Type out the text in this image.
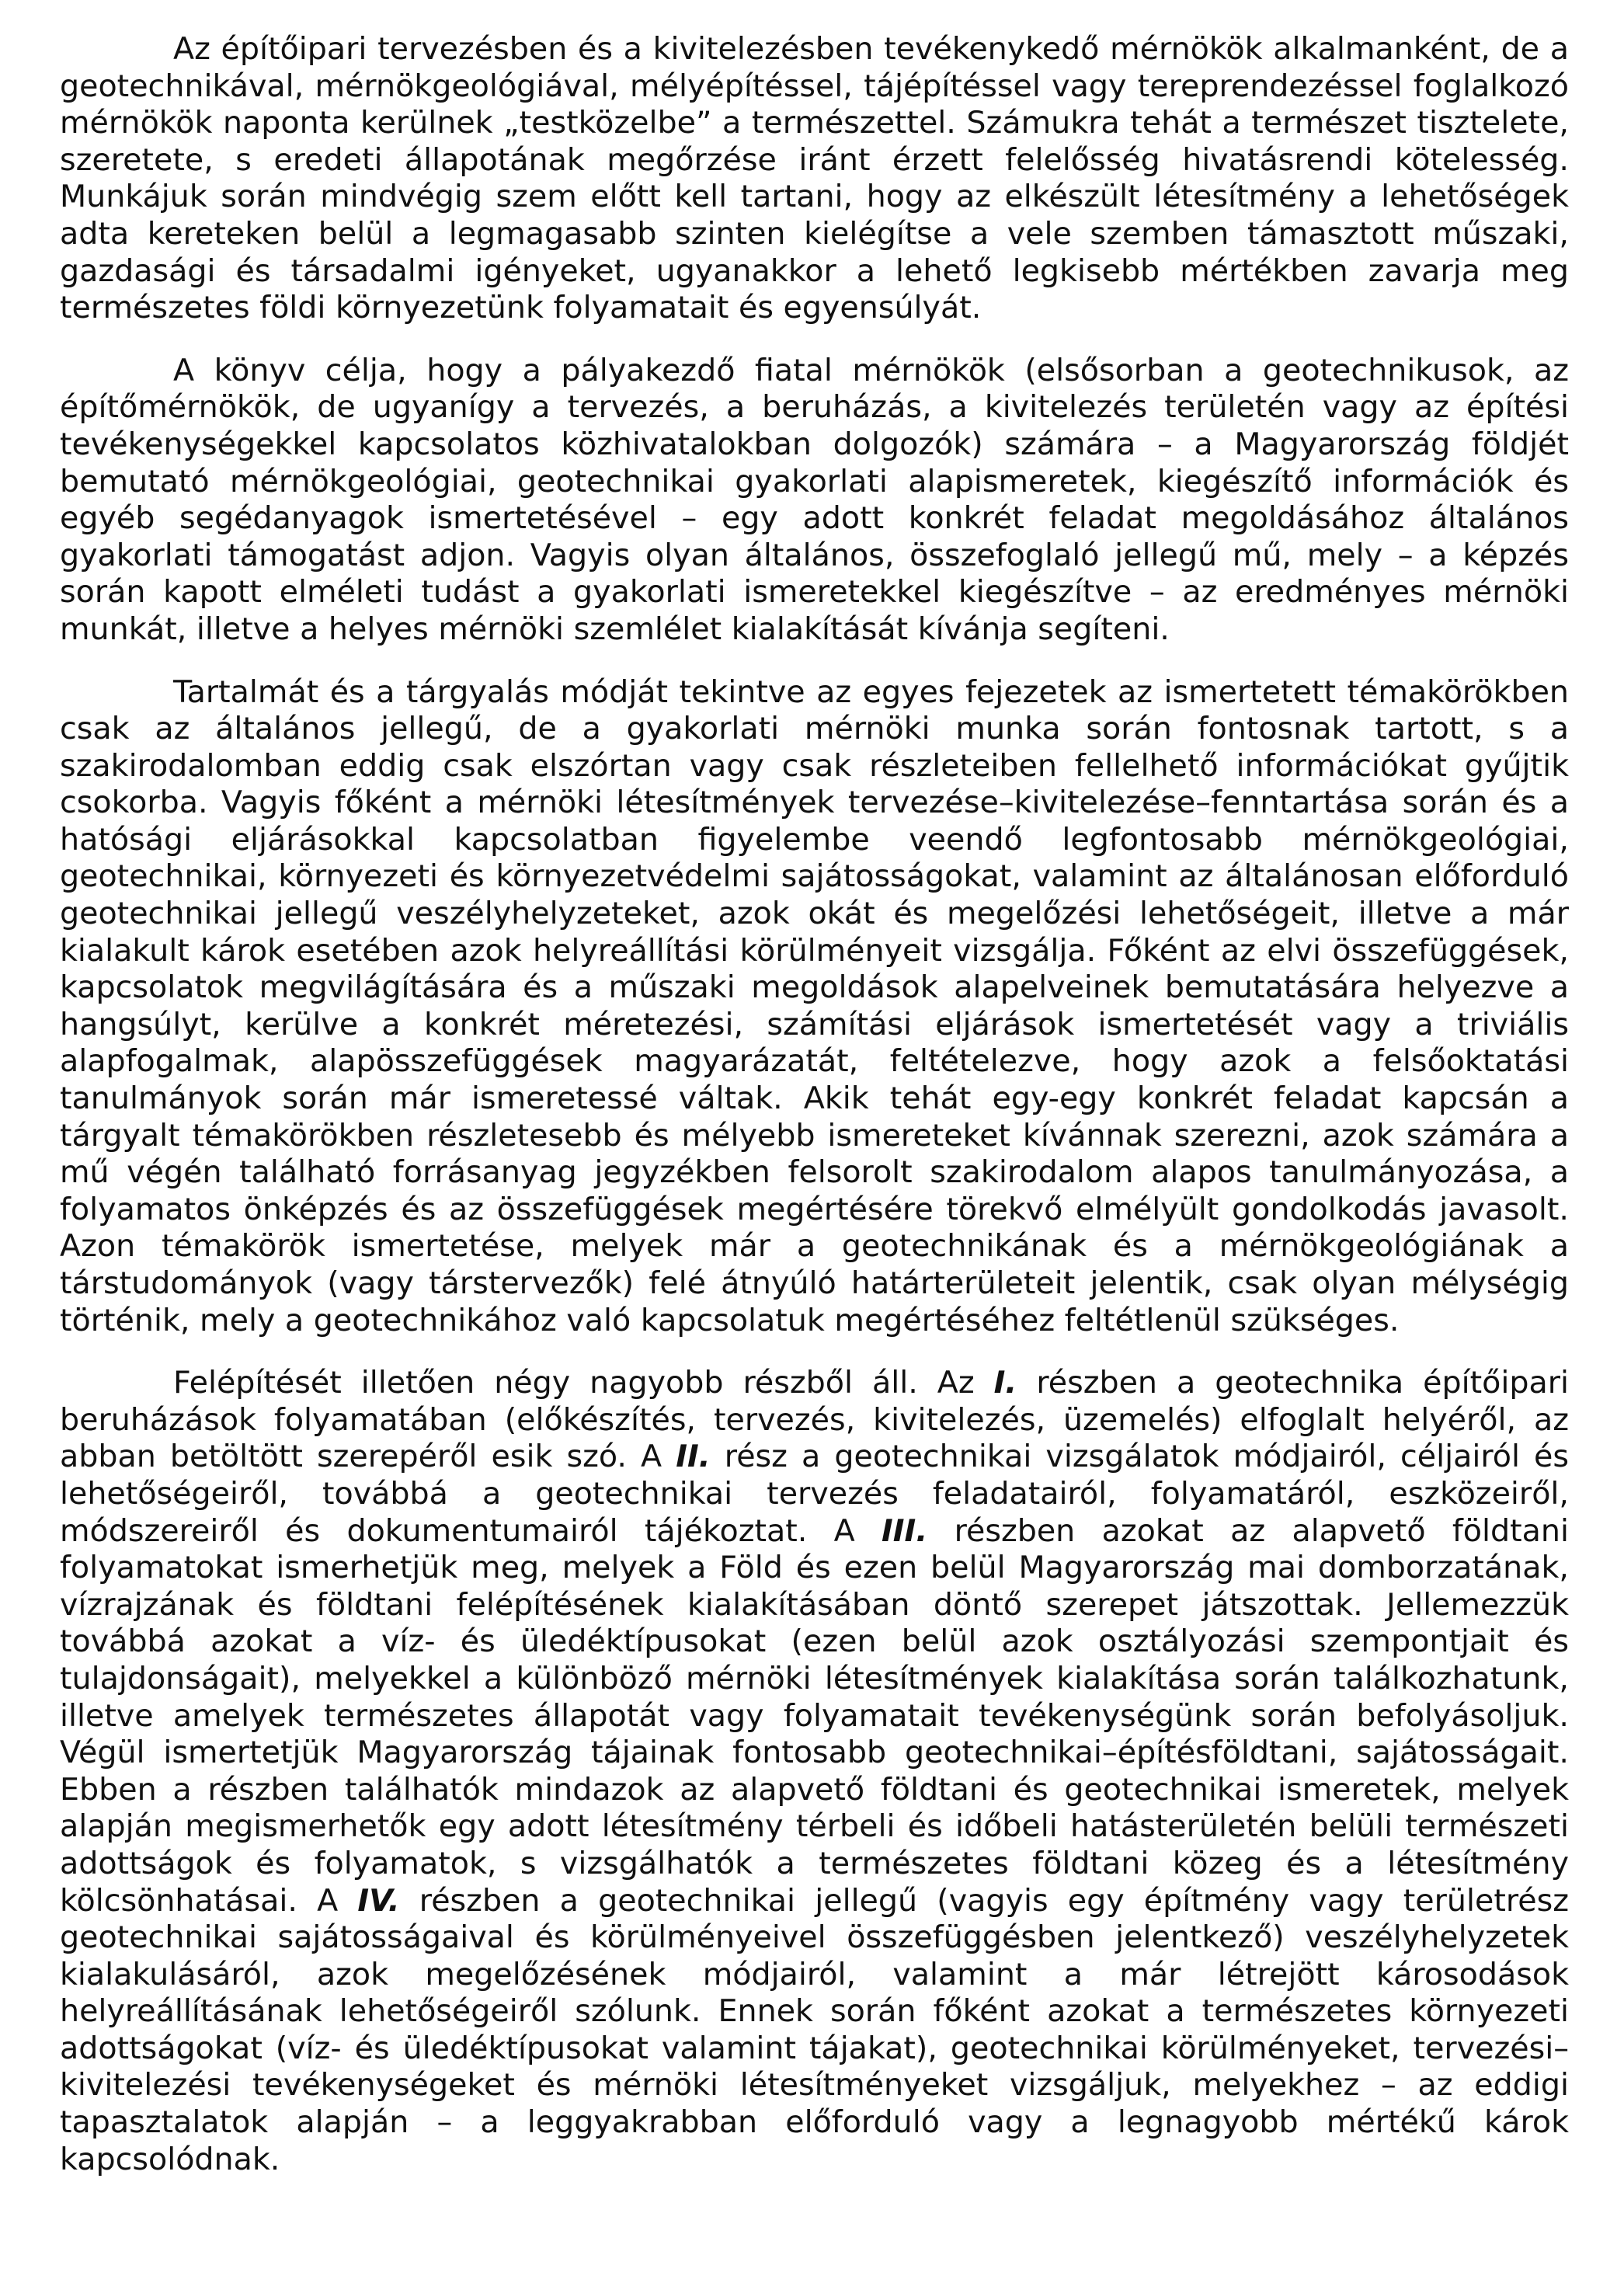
Az építőipari tervezésben és a kivitelezésben tevékenykedő mérnökök alkalmanként, de a geotechnikával, mérnökgeológiával, mélyépítéssel, tájépítéssel vagy tereprendezéssel foglalkozó mérnökök naponta kerülnek „testközelbe” a természettel. Számukra tehát a természet tisztelete, szeretete, s eredeti állapotának megőrzése iránt érzett felelősség hivatásrendi kötelesség. Munkájuk során mindvégig szem előtt kell tartani, hogy az elkészült létesítmény a lehetőségek adta kereteken belül a legmagasabb szinten kielégítse a vele szemben támasztott műszaki, gazdasági és társadalmi igényeket, ugyanakkor a lehető legkisebb mértékben zavarja meg természetes földi környezetünk folyamatait és egyensúlyát.

A könyv célja, hogy a pályakezdő fiatal mérnökök (elsősorban a geotechnikusok, az építőmérnökök, de ugyanígy a tervezés, a beruházás, a kivitelezés területén vagy az építési tevékenységekkel kapcsolatos közhivatalokban dolgozók) számára – a Magyarország földjét bemutató mérnökgeológiai, geotechnikai gyakorlati alapismeretek, kiegészítő információk és egyéb segédanyagok ismertetésével – egy adott konkrét feladat megoldásához általános gyakorlati támogatást adjon. Vagyis olyan általános, összefoglaló jellegű mű, mely – a képzés során kapott elméleti tudást a gyakorlati ismeretekkel kiegészítve – az eredményes mérnöki munkát, illetve a helyes mérnöki szemlélet kialakítását kívánja segíteni.

Tartalmát és a tárgyalás módját tekintve az egyes fejezetek az ismertetett témakörökben csak az általános jellegű, de a gyakorlati mérnöki munka során fontosnak tartott, s a szakirodalomban eddig csak elszórtan vagy csak részleteiben fellelhető információkat gyűjtik csokorba. Vagyis főként a mérnöki létesítmények tervezése–kivitelezése–fenntartása során és a hatósági eljárásokkal kapcsolatban figyelembe veendő legfontosabb mérnökgeológiai, geotechnikai, környezeti és környezetvédelmi sajátosságokat, valamint az általánosan előforduló geotechnikai jellegű veszélyhelyzeteket, azok okát és megelőzési lehetőségeit, illetve a már kialakult károk esetében azok helyreállítási körülményeit vizsgálja. Főként az elvi összefüggések, kapcsolatok megvilágítására és a műszaki megoldások alapelveinek bemutatására helyezve a hangsúlyt, kerülve a konkrét méretezési, számítási eljárások ismertetését vagy a triviális alapfogalmak, alapösszefüggések magyarázatát, feltételezve, hogy azok a felsőoktatási tanulmányok során már ismeretessé váltak. Akik tehát egy-egy konkrét feladat kapcsán a tárgyalt témakörökben részletesebb és mélyebb ismereteket kívánnak szerezni, azok számára a mű végén található forrásanyag jegyzékben felsorolt szakirodalom alapos tanulmányozása, a folyamatos önképzés és az összefüggések megértésére törekvő elmélyült gondolkodás javasolt. Azon témakörök ismertetése, melyek már a geotechnikának és a mérnökgeológiának a társtudományok (vagy társtervezők) felé átnyúló határterületeit jelentik, csak olyan mélységig történik, mely a geotechnikához való kapcsolatuk megértéséhez feltétlenül szükséges.

Felépítését illetően négy nagyobb részből áll. Az I. részben a geotechnika építőipari beruházások folyamatában (előkészítés, tervezés, kivitelezés, üzemelés) elfoglalt helyéről, az abban betöltött szerepéről esik szó. A II. rész a geotechnikai vizsgálatok módjairól, céljairól és lehetőségeiről, továbbá a geotechnikai tervezés feladatairól, folyamatáról, eszközeiről, módszereiről és dokumentumairól tájékoztat. A III. részben azokat az alapvető földtani folyamatokat ismerhetjük meg, melyek a Föld és ezen belül Magyarország mai domborzatának, vízrajzának és földtani felépítésének kialakításában döntő szerepet játszottak. Jellemezzük továbbá azokat a víz- és üledéktípusokat (ezen belül azok osztályozási szempontjait és tulajdonságait), melyekkel a különböző mérnöki létesítmények kialakítása során találkozhatunk, illetve amelyek természetes állapotát vagy folyamatait tevékenységünk során befolyásoljuk. Végül ismertetjük Magyarország tájainak fontosabb geotechnikai–építésföldtani, sajátosságait. Ebben a részben találhatók mindazok az alapvető földtani és geotechnikai ismeretek, melyek alapján megismerhetők egy adott létesítmény térbeli és időbeli hatásterületén belüli természeti adottságok és folyamatok, s vizsgálhatók a természetes földtani közeg és a létesítmény kölcsönhatásai. A IV. részben a geotechnikai jellegű (vagyis egy építmény vagy területrész geotechnikai sajátosságaival és körülményeivel összefüggésben jelentkező) veszélyhelyzetek kialakulásáról, azok megelőzésének módjairól, valamint a már létrejött károsodások helyreállításának lehetőségeiről szólunk. Ennek során főként azokat a természetes környezeti adottságokat (víz- és üledéktípusokat valamint tájakat), geotechnikai körülményeket, tervezési–kivitelezési tevékenységeket és mérnöki létesítményeket vizsgáljuk, melyekhez – az eddigi tapasztalatok alapján – a leggyakrabban előforduló vagy a legnagyobb mértékű károk kapcsolódnak.
